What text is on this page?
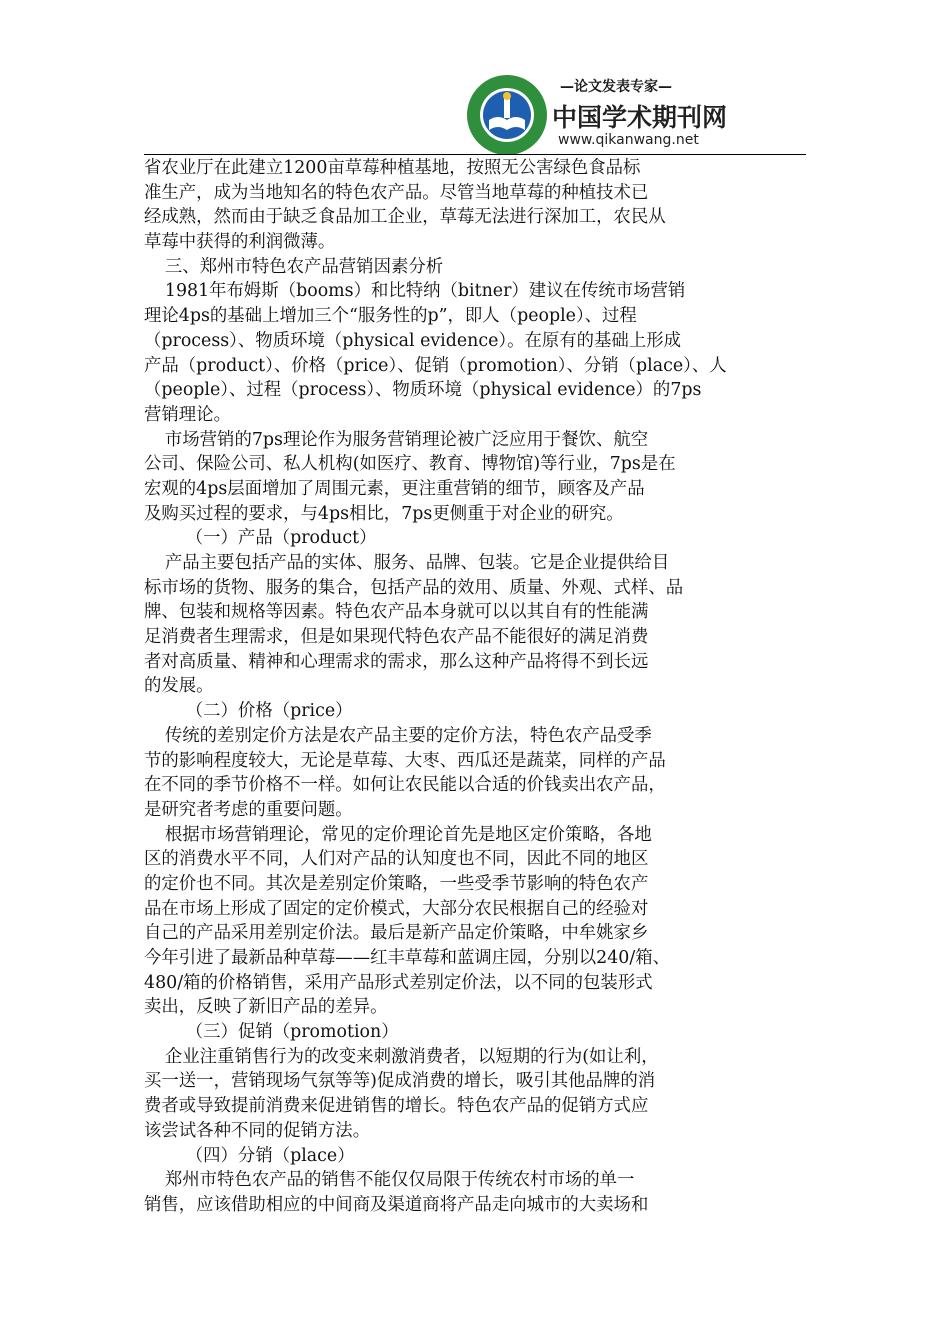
—论文发表专家—
中国学术期刊网
www.qikanwang.net
省农业厅在此建立1200亩草莓种植基地，按照无公害绿色食品标
准生产，成为当地知名的特色农产品。尽管当地草莓的种植技术已
经成熟，然而由于缺乏食品加工企业，草莓无法进行深加工，农民从
草莓中获得的利润微薄。
三、郑州市特色农产品营销因素分析
1981年布姆斯（booms）和比特纳（bitner）建议在传统市场营销
理论4ps的基础上增加三个“服务性的p”，即人（people）、过程
（process）、物质环境（physical evidence）。在原有的基础上形成
产品（product）、价格（price）、促销（promotion）、分销（place）、人
（people）、过程（process）、物质环境（physical evidence）的7ps
营销理论。
市场营销的7ps理论作为服务营销理论被广泛应用于餐饮、航空
公司、保险公司、私人机构(如医疗、教育、博物馆)等行业，7ps是在
宏观的4ps层面增加了周围元素，更注重营销的细节，顾客及产品
及购买过程的要求，与4ps相比，7ps更侧重于对企业的研究。
（一）产品（product）
产品主要包括产品的实体、服务、品牌、包装。它是企业提供给目
标市场的货物、服务的集合，包括产品的效用、质量、外观、式样、品
牌、包装和规格等因素。特色农产品本身就可以以其自有的性能满
足消费者生理需求，但是如果现代特色农产品不能很好的满足消费
者对高质量、精神和心理需求的需求，那么这种产品将得不到长远
的发展。
（二）价格（price）
传统的差别定价方法是农产品主要的定价方法，特色农产品受季
节的影响程度较大，无论是草莓、大枣、西瓜还是蔬菜，同样的产品
在不同的季节价格不一样。如何让农民能以合适的价钱卖出农产品，
是研究者考虑的重要问题。
根据市场营销理论，常见的定价理论首先是地区定价策略，各地
区的消费水平不同，人们对产品的认知度也不同，因此不同的地区
的定价也不同。其次是差别定价策略，一些受季节影响的特色农产
品在市场上形成了固定的定价模式，大部分农民根据自己的经验对
自己的产品采用差别定价法。最后是新产品定价策略，中牟姚家乡
今年引进了最新品种草莓——红丰草莓和蓝调庄园，分别以240/箱、
480/箱的价格销售，采用产品形式差别定价法，以不同的包装形式
卖出，反映了新旧产品的差异。
（三）促销（promotion）
企业注重销售行为的改变来刺激消费者，以短期的行为(如让利，
买一送一，营销现场气氛等等)促成消费的增长，吸引其他品牌的消
费者或导致提前消费来促进销售的增长。特色农产品的促销方式应
该尝试各种不同的促销方法。
（四）分销（place）
郑州市特色农产品的销售不能仅仅局限于传统农村市场的单一
销售，应该借助相应的中间商及渠道商将产品走向城市的大卖场和
